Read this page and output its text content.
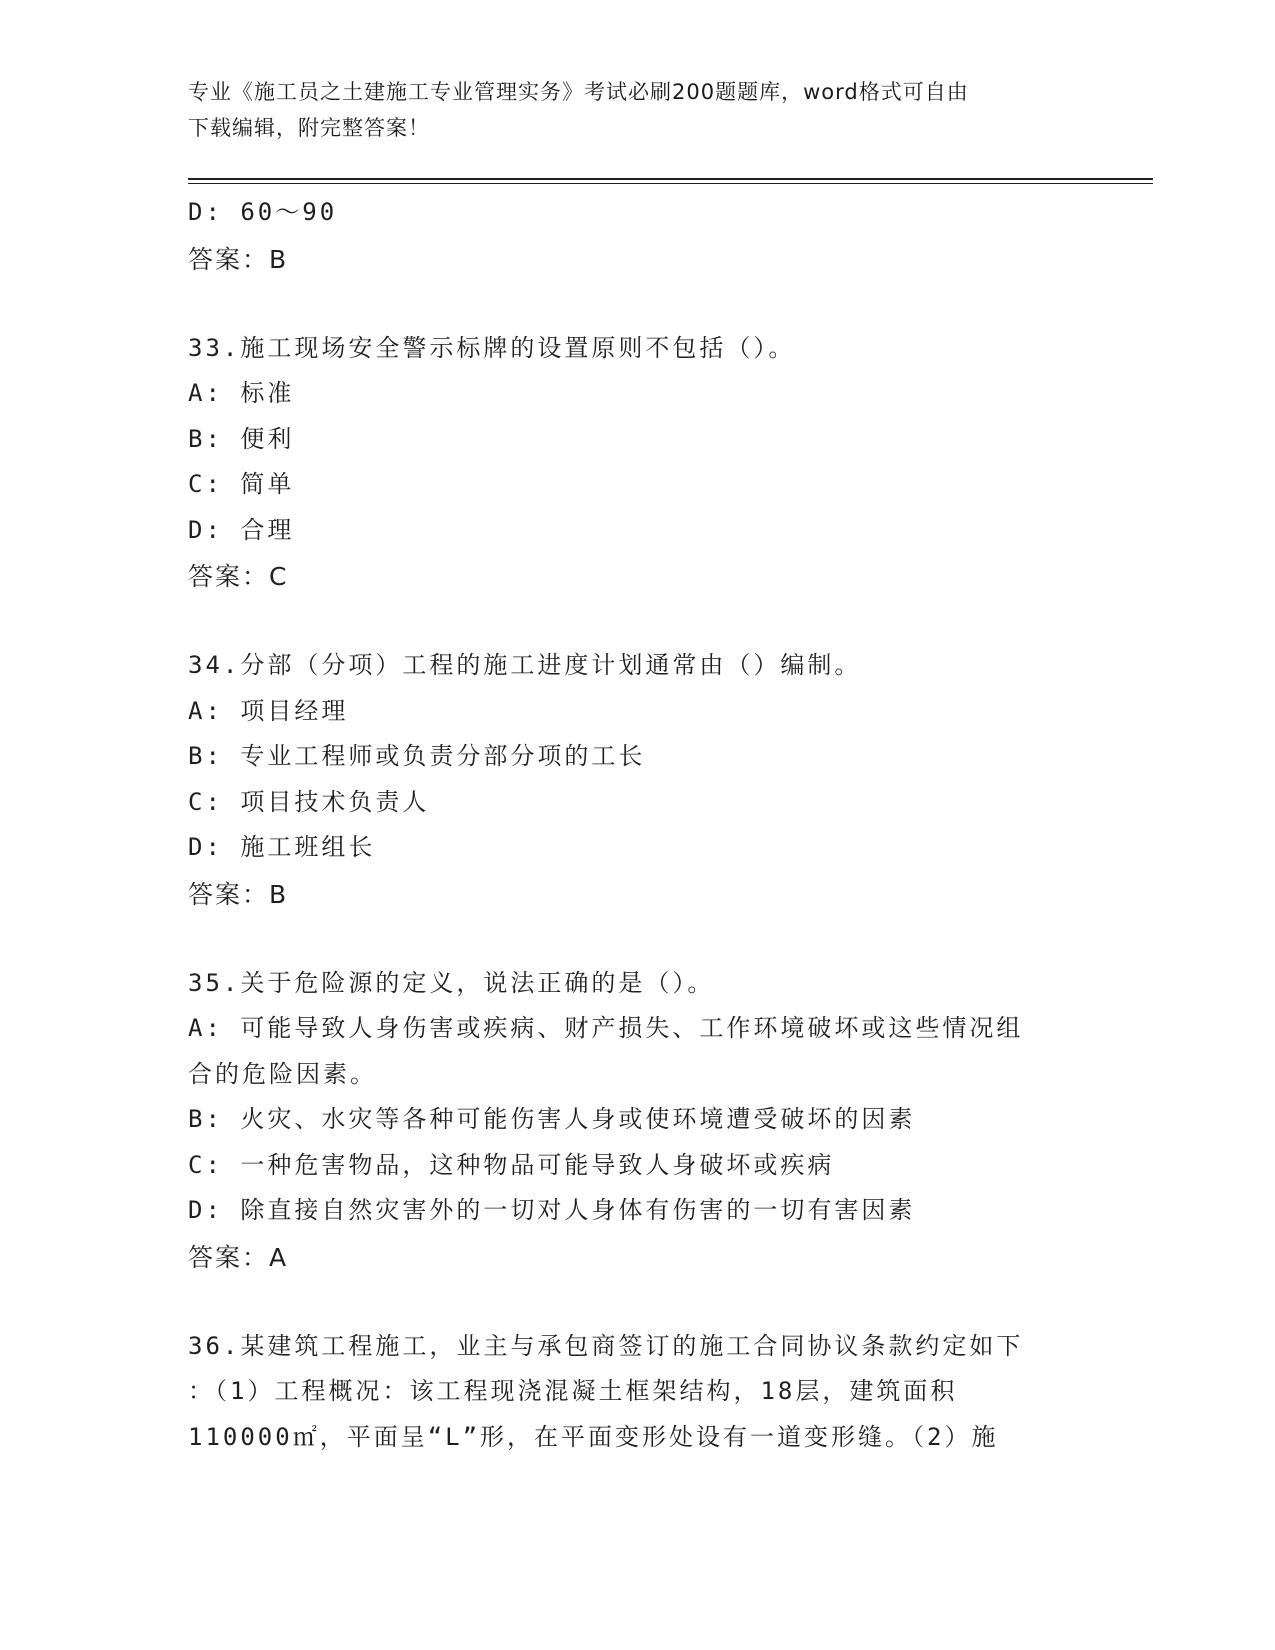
专业《施工员之土建施工专业管理实务》考试必刷200题题库，word格式可自由
下载编辑，附完整答案！
D: 60～90
答案：B
33.施工现场安全警示标牌的设置原则不包括（）。
A: 标准
B: 便利
C: 简单
D: 合理
答案：C
34.分部（分项）工程的施工进度计划通常由（）编制。
A: 项目经理
B: 专业工程师或负责分部分项的工长
C: 项目技术负责人
D: 施工班组长
答案：B
35.关于危险源的定义，说法正确的是（）。
A: 可能导致人身伤害或疾病、财产损失、工作环境破坏或这些情况组
合的危险因素。
B: 火灾、水灾等各种可能伤害人身或使环境遭受破坏的因素
C: 一种危害物品，这种物品可能导致人身破坏或疾病
D: 除直接自然灾害外的一切对人身体有伤害的一切有害因素
答案：A
36.某建筑工程施工，业主与承包商签订的施工合同协议条款约定如下
：（1）工程概况：该工程现浇混凝土框架结构，18层，建筑面积
110000㎡，平面呈“L”形，在平面变形处设有一道变形缝。（2）施
